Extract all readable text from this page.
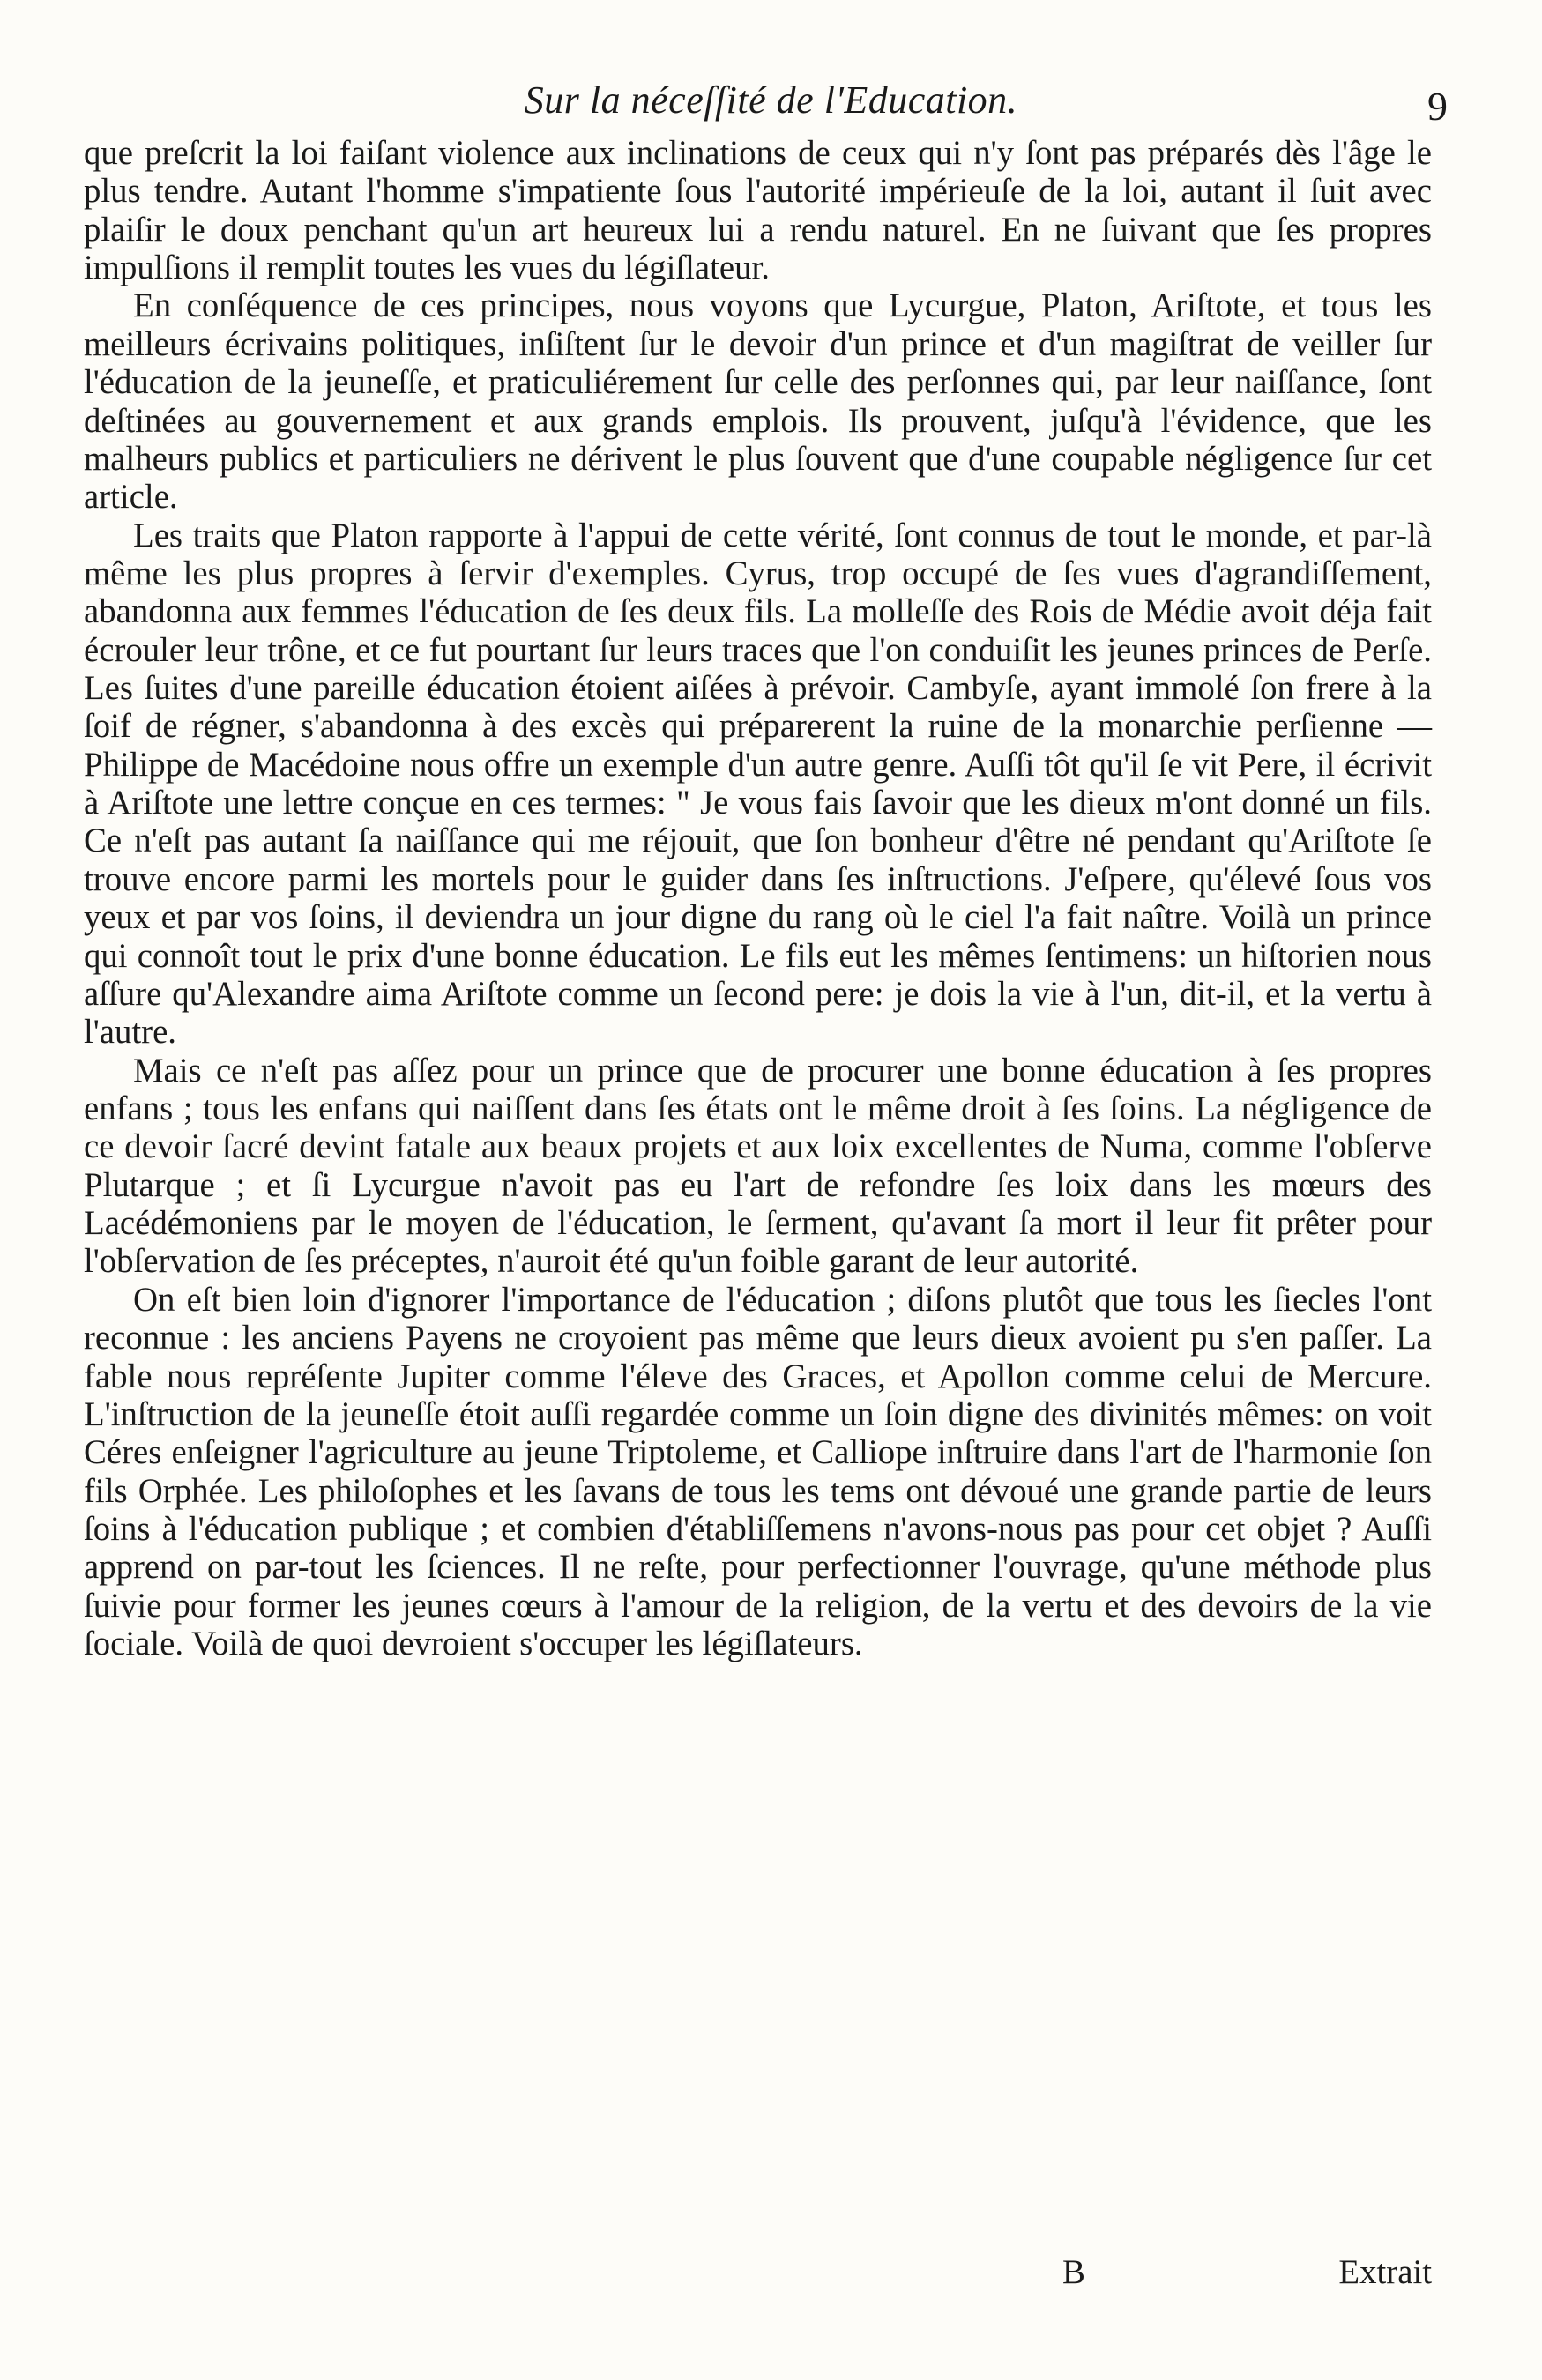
Sur la néceſſité de l'Education.	9

que preſcrit la loi faiſant violence aux inclinations de ceux qui n'y ſont pas préparés dès l'âge le plus tendre. Autant l'homme s'impatiente ſous l'autorité impérieuſe de la loi, autant il ſuit avec plaiſir le doux penchant qu'un art heureux lui a rendu naturel. En ne ſuivant que ſes propres impulſions il remplit toutes les vues du légiſlateur.

En conſéquence de ces principes, nous voyons que Lycurgue, Platon, Ariſtote, et tous les meilleurs écrivains politiques, inſiſtent ſur le devoir d'un prince et d'un magiſtrat de veiller ſur l'éducation de la jeuneſſe, et praticuliérement ſur celle des perſonnes qui, par leur naiſſance, ſont deſtinées au gouvernement et aux grands emplois. Ils prouvent, juſqu'à l'évidence, que les malheurs publics et particuliers ne dérivent le plus ſouvent que d'une coupable négligence ſur cet article.

Les traits que Platon rapporte à l'appui de cette vérité, ſont connus de tout le monde, et par-là même les plus propres à ſervir d'exemples. Cyrus, trop occupé de ſes vues d'agrandiſſement, abandonna aux femmes l'éducation de ſes deux fils. La molleſſe des Rois de Médie avoit déja fait écrouler leur trône, et ce fut pourtant ſur leurs traces que l'on conduiſit les jeunes princes de Perſe. Les ſuites d'une pareille éducation étoient aiſées à prévoir. Cambyſe, ayant immolé ſon frere à la ſoif de régner, s'abandonna à des excès qui préparerent la ruine de la monarchie perſienne — Philippe de Macédoine nous offre un exemple d'un autre genre. Auſſi tôt qu'il ſe vit Pere, il écrivit à Ariſtote une lettre conçue en ces termes: " Je vous fais ſavoir que les dieux m'ont donné un fils. Ce n'eſt pas autant ſa naiſſance qui me réjouit, que ſon bonheur d'être né pendant qu'Ariſtote ſe trouve encore parmi les mortels pour le guider dans ſes inſtructions. J'eſpere, qu'élevé ſous vos yeux et par vos ſoins, il deviendra un jour digne du rang où le ciel l'a fait naître. Voilà un prince qui connoît tout le prix d'une bonne éducation. Le fils eut les mêmes ſentimens: un hiſtorien nous aſſure qu'Alexandre aima Ariſtote comme un ſecond pere: je dois la vie à l'un, dit-il, et la vertu à l'autre.

Mais ce n'eſt pas aſſez pour un prince que de procurer une bonne éducation à ſes propres enfans ; tous les enfans qui naiſſent dans ſes états ont le même droit à ſes ſoins. La négligence de ce devoir ſacré devint fatale aux beaux projets et aux loix excellentes de Numa, comme l'obſerve Plutarque ; et ſi Lycurgue n'avoit pas eu l'art de refondre ſes loix dans les mœurs des Lacédémoniens par le moyen de l'éducation, le ſerment, qu'avant ſa mort il leur fit prêter pour l'obſervation de ſes préceptes, n'auroit été qu'un foible garant de leur autorité.

On eſt bien loin d'ignorer l'importance de l'éducation ; diſons plutôt que tous les ſiecles l'ont reconnue : les anciens Payens ne croyoient pas même que leurs dieux avoient pu s'en paſſer. La fable nous repréſente Jupiter comme l'éleve des Graces, et Apollon comme celui de Mercure. L'inſtruction de la jeuneſſe étoit auſſi regardée comme un ſoin digne des divinités mêmes: on voit Céres enſeigner l'agriculture au jeune Triptoleme, et Calliope inſtruire dans l'art de l'harmonie ſon fils Orphée. Les philoſophes et les ſavans de tous les tems ont dévoué une grande partie de leurs ſoins à l'éducation publique ; et combien d'établiſſemens n'avons-nous pas pour cet objet ? Auſſi apprend on par-tout les ſciences. Il ne reſte, pour perfectionner l'ouvrage, qu'une méthode plus ſuivie pour former les jeunes cœurs à l'amour de la religion, de la vertu et des devoirs de la vie ſociale. Voilà de quoi devroient s'occuper les légiſlateurs.

B	Extrait
